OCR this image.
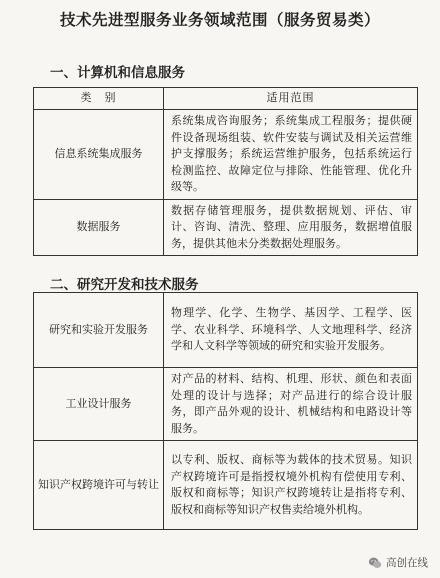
技术先进型服务业务领域范围（服务贸易类）
一、计算机和信息服务
类　别	适用范围
信息系统集成服务	系统集成咨询服务；系统集成工程服务；提供硬件设备现场组装、软件安装与调试及相关运营维护支撑服务；系统运营维护服务，包括系统运行检测监控、故障定位与排除、性能管理、优化升级等。
数据服务	数据存储管理服务，提供数据规划、评估、审计、咨询、清洗、整理、应用服务，数据增值服务，提供其他未分类数据处理服务。
二、研究开发和技术服务
研究和实验开发服务	物理学、化学、生物学、基因学、工程学、医学、农业科学、环境科学、人文地理科学、经济学和人文科学等领域的研究和实验开发服务。
工业设计服务	对产品的材料、结构、机理、形状、颜色和表面处理的设计与选择；对产品进行的综合设计服务，即产品外观的设计、机械结构和电路设计等服务。
知识产权跨境许可与转让	以专利、版权、商标等为载体的技术贸易。知识产权跨境许可是指授权境外机构有偿使用专利、版权和商标等；知识产权跨境转让是指将专利、版权和商标等知识产权售卖给境外机构。
高创在线
